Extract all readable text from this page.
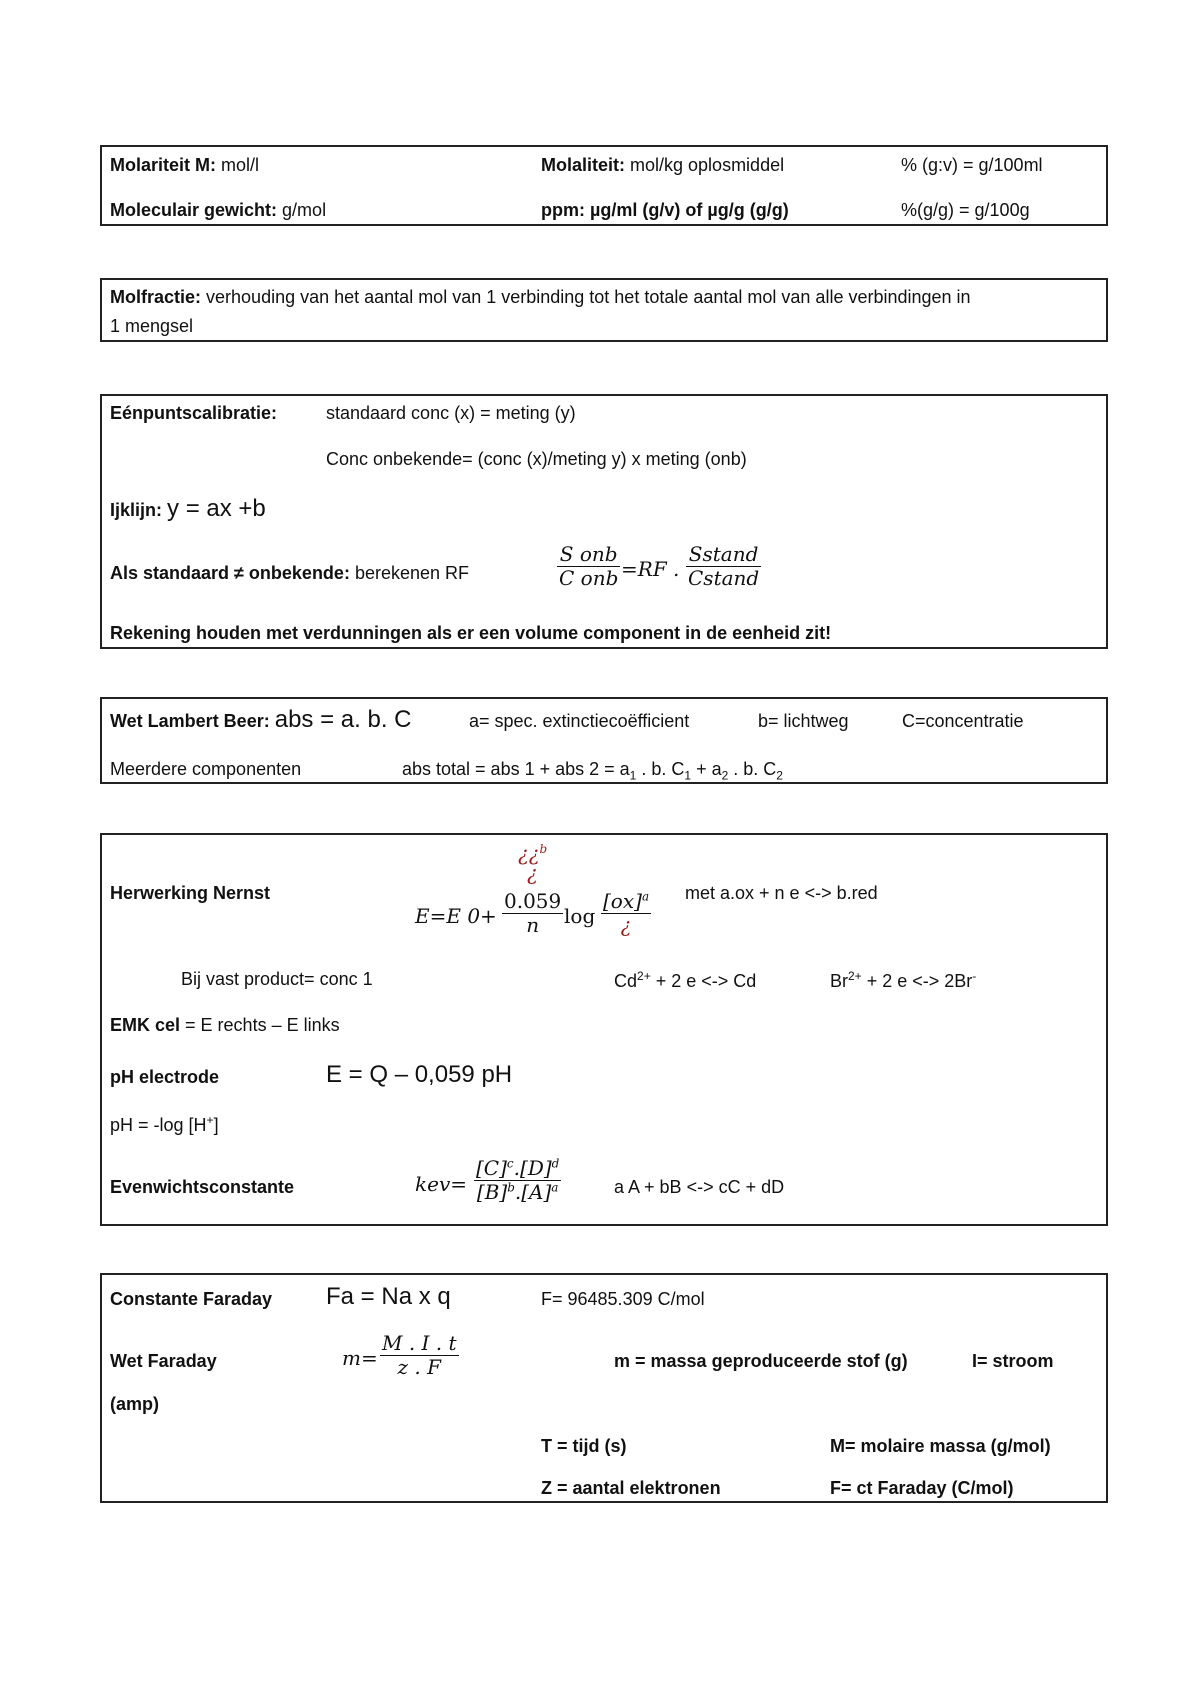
Molariteit M: mol/l	Molaliteit: mol/kg oplosmiddel	% (g:v) = g/100ml
Moleculair gewicht: g/mol	ppm: µg/ml (g/v) of µg/g (g/g)	%(g/g) = g/100g
Molfractie: verhouding van het aantal mol van 1 verbinding tot het totale aantal mol van alle verbindingen in
1 mengsel
Eénpuntscalibratie:	standaard conc (x) = meting (y)
Conc onbekende= (conc (x)/meting y) x meting (onb)
Ijklijn: y = ax +b
Als standaard ≠ onbekende: berekenen RF
S onb
C onb =RF . $\frac{Sstand}{Cstand}$
Rekening houden met verdunningen als er een volume component in de eenheid zit!
Wet Lambert Beer: abs = a. b. C	a= spec. extinctiecoëfficient	b= lichtweg	C=concentratie
Meerdere componenten	abs total = abs 1 + abs $2 = a_1$ . b. $C_1 + a_2$ . b. $C_2$
Herwerking Nernst
¿¿$^b$
¿
E=E $0+ \frac{0.059}{n}$ log
[ox]$^a$
¿
met a.ox + n e <-> b.red
Bij vast product= conc 1	$Cd^{2+} + 2$ e <-> Cd	$Br^{2+} + 2$ e <-> 2Br-
EMK cel = E rechts – E links
pH electrode	E = Q – 0,059 pH
pH = -log [H+]
Evenwichtsconstante	$kev= \frac{[C]^c.[D]^d}{[B]^b.[A]^a}$	a A + bB <-> cC + dD
Constante Faraday Fa = Na x q	F= 96485.309 C/mol
Wet Faraday	$m= \frac{M . I . t}{z . F}$	m = massa geproduceerde stof (g)	I= stroom
(amp)
T = tijd (s)	M= molaire massa (g/mol)
Z = aantal elektronen	F= ct Faraday (C/mol)
